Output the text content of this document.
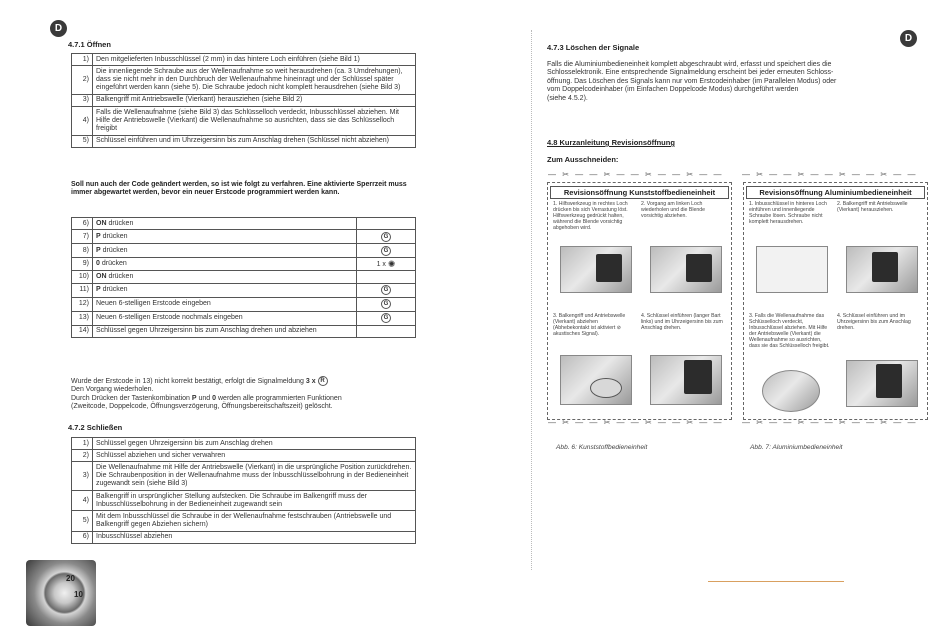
D
4.7.1 Öffnen
1)	Den mitgelieferten Inbusschlüssel (2 mm) in das hintere Loch einführen (siehe Bild 1)
2)	Die innenliegende Schraube aus der Wellenaufnahme so weit herausdrehen (ca. 3 Umdrehungen), dass sie nicht mehr in den Durchbruch der Wellenaufnahme hineinragt und der Schlüssel später eingeführt werden kann (siehe 5). Die Schraube jedoch nicht komplett herausdrehen (siehe Bild 3)
3)	Balkengriff mit Antriebswelle (Vierkant) herausziehen (siehe Bild 2)
4)	Falls die Wellenaufnahme (siehe Bild 3) das Schlüsselloch verdeckt, Inbusschlüssel abziehen. Mit Hilfe der Antriebswelle (Vierkant) die Wellenaufnahme so ausrichten, dass sie das Schlüsselloch freigibt
5)	Schlüssel einführen und im Uhrzeigersinn bis zum Anschlag drehen (Schlüssel nicht abziehen)
Soll nun auch der Code geändert werden, so ist wie folgt zu verfahren. Eine aktivierte Sperrzeit muss immer abgewartet werden, bevor ein neuer Erstcode programmiert werden kann.
6)	ON drücken	
7)	P drücken	G
8)	P drücken	G
9)	0 drücken	1 x ✺
10)	ON drücken	
11)	P drücken	G
12)	Neuen 6-stelligen Erstcode eingeben	G
13)	Neuen 6-stelligen Erstcode nochmals eingeben	G
14)	Schlüssel gegen Uhrzeigersinn bis zum Anschlag drehen und abziehen	
Wurde der Erstcode in 13) nicht korrekt bestätigt, erfolgt die Signalmeldung 3 x R
Den Vorgang wiederholen.
Durch Drücken der Tastenkombination P und 0 werden alle programmierten Funktionen
(Zweitcode, Doppelcode, Öffnungsverzögerung, Öffnungsbereitschaftszeit) gelöscht.
4.7.2 Schließen
1)	Schlüssel gegen Uhrzeigersinn bis zum Anschlag drehen
2)	Schlüssel abziehen und sicher verwahren
3)	Die Wellenaufnahme mit Hilfe der Antriebswelle (Vierkant) in die ursprüngliche Position zurückdrehen. Die Schraubenposition in der Wellenaufnahme muss der Inbusschlüsselbohrung in der Bedieneinheit zugewandt sein (siehe Bild 3)
4)	Balkengriff in ursprünglicher Stellung aufstecken. Die Schraube im Balkengriff muss der Inbusschlüsselbohrung in der Bedieneinheit zugewandt sein
5)	Mit dem Inbusschlüssel die Schraube in der Wellenaufnahme festschrauben (Antriebswelle und Balkengriff gegen Abziehen sichern)
6)	Inbusschlüssel abziehen
20
10
D
4.7.3 Löschen der Signale
Falls die Aluminiumbedieneinheit komplett abgeschraubt wird, erfasst und speichert dies die
Schlosselektronik. Eine entsprechende Signalmeldung erscheint bei jeder erneuten Schloss-
öffnung. Das Löschen des Signals kann nur vom Erstcodeinhaber (im Parallelen Modus) oder
vom Doppelcodeinhaber (im Einfachen Doppelcode Modus) durchgeführt werden
(siehe 4.5.2).
4.8 Kurzanleitung Revisionsöffnung
Zum Ausschneiden:
— ✂ — — ✂ — — ✂ — — ✂ — — — ✂ — — ✂ — — ✂ — — ✂ — —
— ✂ — — ✂ — — ✂ — — ✂ — — — ✂ — — ✂ — — ✂ — — ✂ — —
Revisionsöffnung Kunststoffbedieneinheit
1. Hilfswerkzeug in rechtes Loch drücken bis sich Verrastung löst. Hilfswerkzeug gedrückt halten, während die Blende vorsichtig abgehoben wird.
2. Vorgang am linken Loch wiederholen und die Blende vorsichtig abziehen.
3. Balkengriff und Antriebswelle (Vierkant) abziehen (Abhebekontakt ist aktiviert ⊘ akustisches Signal).
4. Schlüssel einführen (langer Bart links) und im Uhrzeigersinn bis zum Anschlag drehen.
Abb. 6: Kunststoffbedieneinheit
Revisionsöffnung Aluminiumbedieneinheit
1. Inbusschlüssel in hinteres Loch einführen und innenliegende Schraube lösen. Schraube nicht komplett herausdrehen.
2. Balkengriff mit Antriebswelle (Vierkant) herausziehen.
3. Falls die Wellenaufnahme das Schlüsselloch verdeckt, Inbusschlüssel abziehen. Mit Hilfe der Antriebswelle (Vierkant) die Wellenaufnahme so ausrichten, dass sie das Schlüsselloch freigibt.
4. Schlüssel einführen und im Uhrzeigersinn bis zum Anschlag drehen.
Abb. 7: Aluminiumbedieneinheit
